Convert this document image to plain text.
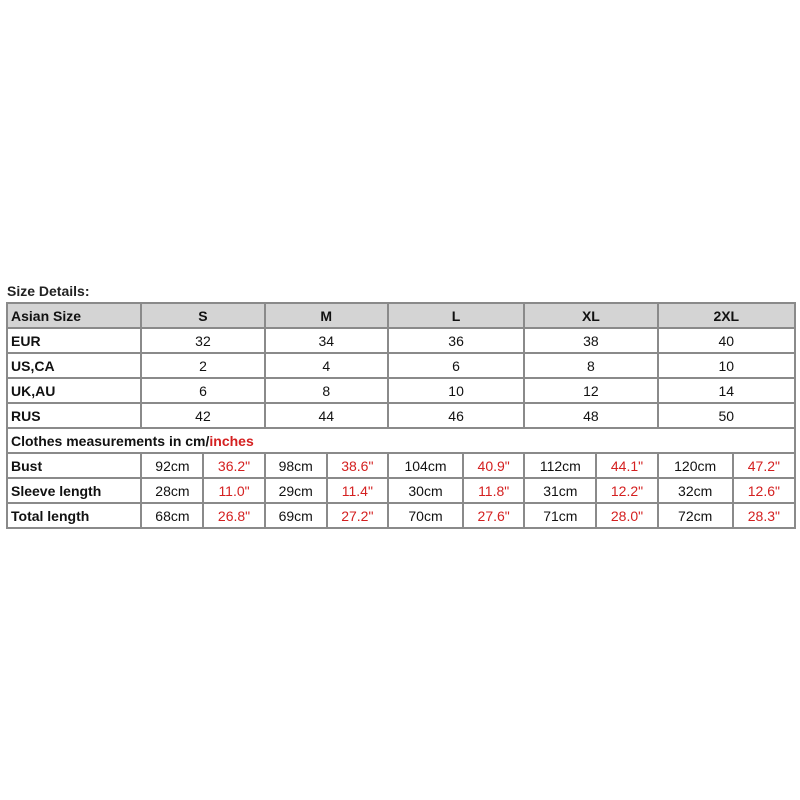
Size Details:
Asian Size	S		M		L		XL		2XL	
EUR	32		34		36		38		40	
US,CA	2		4		6		8		10	
UK,AU	6		8		10		12		14	
RUS	42		44		46		48		50	
Clothes measurements in cm/inches										
Bust	92cm	36.2"	98cm	38.6"	104cm	40.9"	112cm	44.1"	120cm	47.2"
Sleeve length	28cm	11.0"	29cm	11.4"	30cm	11.8"	31cm	12.2"	32cm	12.6"
Total length	68cm	26.8"	69cm	27.2"	70cm	27.6"	71cm	28.0"	72cm	28.3"
